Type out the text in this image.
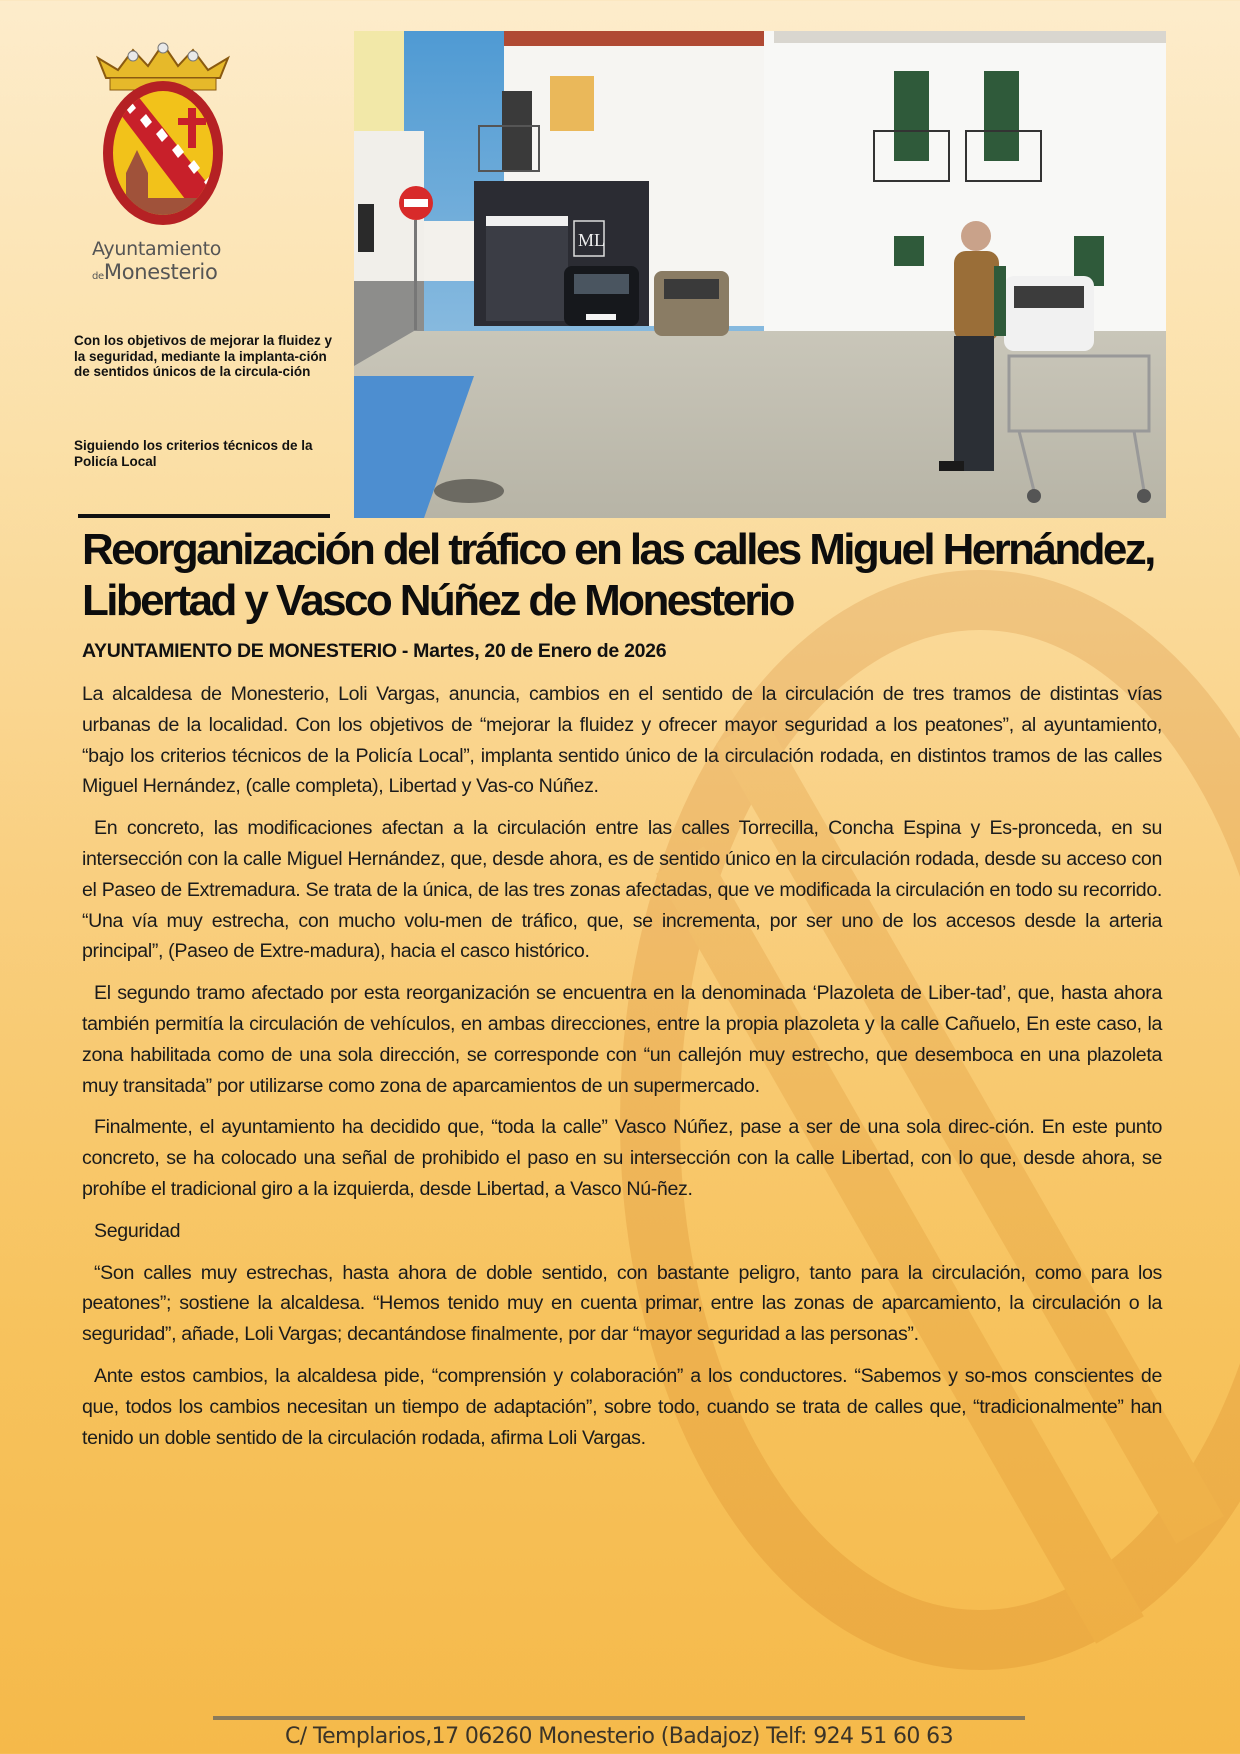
Ayuntamiento
deMonesterio
Con los objetivos de mejorar la fluidez y la seguridad, mediante la implanta-ción de sentidos únicos de la circula-ción
Siguiendo los criterios técnicos de la Policía Local
ML
Reorganización del tráfico en las calles Miguel Hernández, Libertad y Vasco Núñez de Monesterio
AYUNTAMIENTO DE MONESTERIO - Martes, 20 de Enero de 2026

La alcaldesa de Monesterio, Loli Vargas, anuncia, cambios en el sentido de la circulación de tres tramos de distintas vías urbanas de la localidad. Con los objetivos de “mejorar la fluidez y ofrecer mayor seguridad a los peatones”, al ayuntamiento, “bajo los criterios técnicos de la Policía Local”, implanta sentido único de la circulación rodada, en distintos tramos de las calles Miguel Hernández, (calle completa), Libertad y Vas-co Núñez.

En concreto, las modificaciones afectan a la circulación entre las calles Torrecilla, Concha Espina y Es-pronceda, en su intersección con la calle Miguel Hernández, que, desde ahora, es de sentido único en la circulación rodada, desde su acceso con el Paseo de Extremadura. Se trata de la única, de las tres zonas afectadas, que ve modificada la circulación en todo su recorrido. “Una vía muy estrecha, con mucho volu-men de tráfico, que, se incrementa, por ser uno de los accesos desde la arteria principal”, (Paseo de Extre-madura), hacia el casco histórico.

El segundo tramo afectado por esta reorganización se encuentra en la denominada ‘Plazoleta de Liber-tad’, que, hasta ahora también permitía la circulación de vehículos, en ambas direcciones, entre la propia plazoleta y la calle Cañuelo, En este caso, la zona habilitada como de una sola dirección, se corresponde con “un callejón muy estrecho, que desemboca en una plazoleta muy transitada” por utilizarse como zona de aparcamientos de un supermercado.

Finalmente, el ayuntamiento ha decidido que, “toda la calle” Vasco Núñez, pase a ser de una sola direc-ción. En este punto concreto, se ha colocado una señal de prohibido el paso en su intersección con la calle Libertad, con lo que, desde ahora, se prohíbe el tradicional giro a la izquierda, desde Libertad, a Vasco Nú-ñez.

Seguridad

“Son calles muy estrechas, hasta ahora de doble sentido, con bastante peligro, tanto para la circulación, como para los peatones”; sostiene la alcaldesa. “Hemos tenido muy en cuenta primar, entre las zonas de aparcamiento, la circulación o la seguridad”, añade, Loli Vargas; decantándose finalmente, por dar “mayor seguridad a las personas”.

Ante estos cambios, la alcaldesa pide, “comprensión y colaboración” a los conductores. “Sabemos y so-mos conscientes de que, todos los cambios necesitan un tiempo de adaptación”, sobre todo, cuando se trata de calles que, “tradicionalmente” han tenido un doble sentido de la circulación rodada, afirma Loli Vargas.

C/ Templarios,17 06260 Monesterio (Badajoz) Telf: 924 51 60 63
